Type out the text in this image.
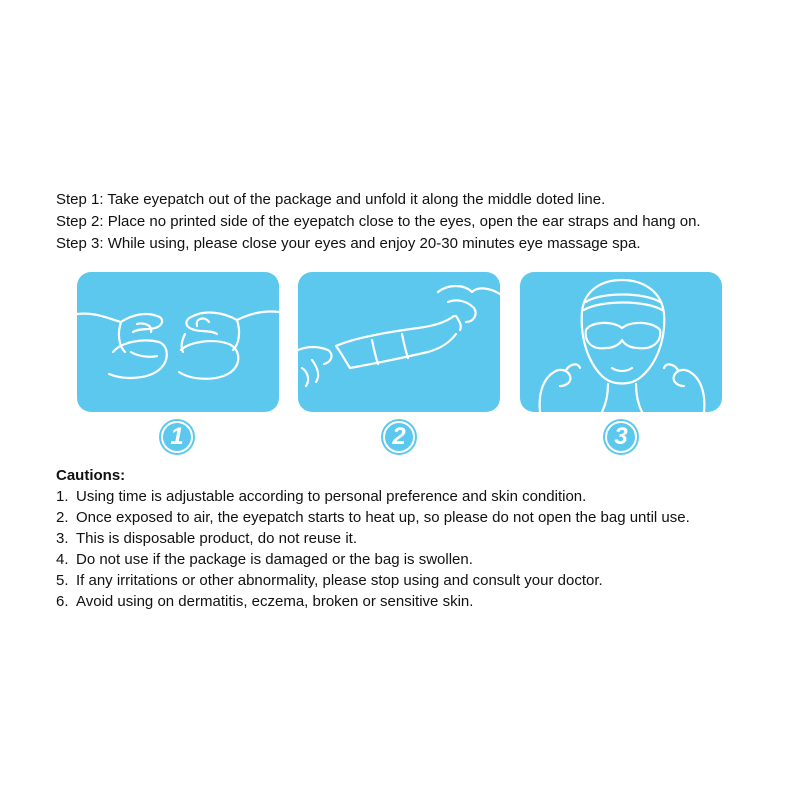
Step 1: Take eyepatch out of the package and unfold it along the middle doted line.
Step 2: Place no printed side of the eyepatch close to the eyes, open the ear straps and hang on.
Step 3: While using, please close your eyes and enjoy 20-30 minutes eye massage spa.
1	2	3
Cautions:
1. Using time is adjustable according to personal preference and skin condition.
2. Once exposed to air, the eyepatch starts to heat up, so please do not open the bag until use.
3. This is disposable product, do not reuse it.
4. Do not use if the package is damaged or the bag is swollen.
5. If any irritations or other abnormality, please stop using and consult your doctor.
6. Avoid using on dermatitis, eczema, broken or sensitive skin.
